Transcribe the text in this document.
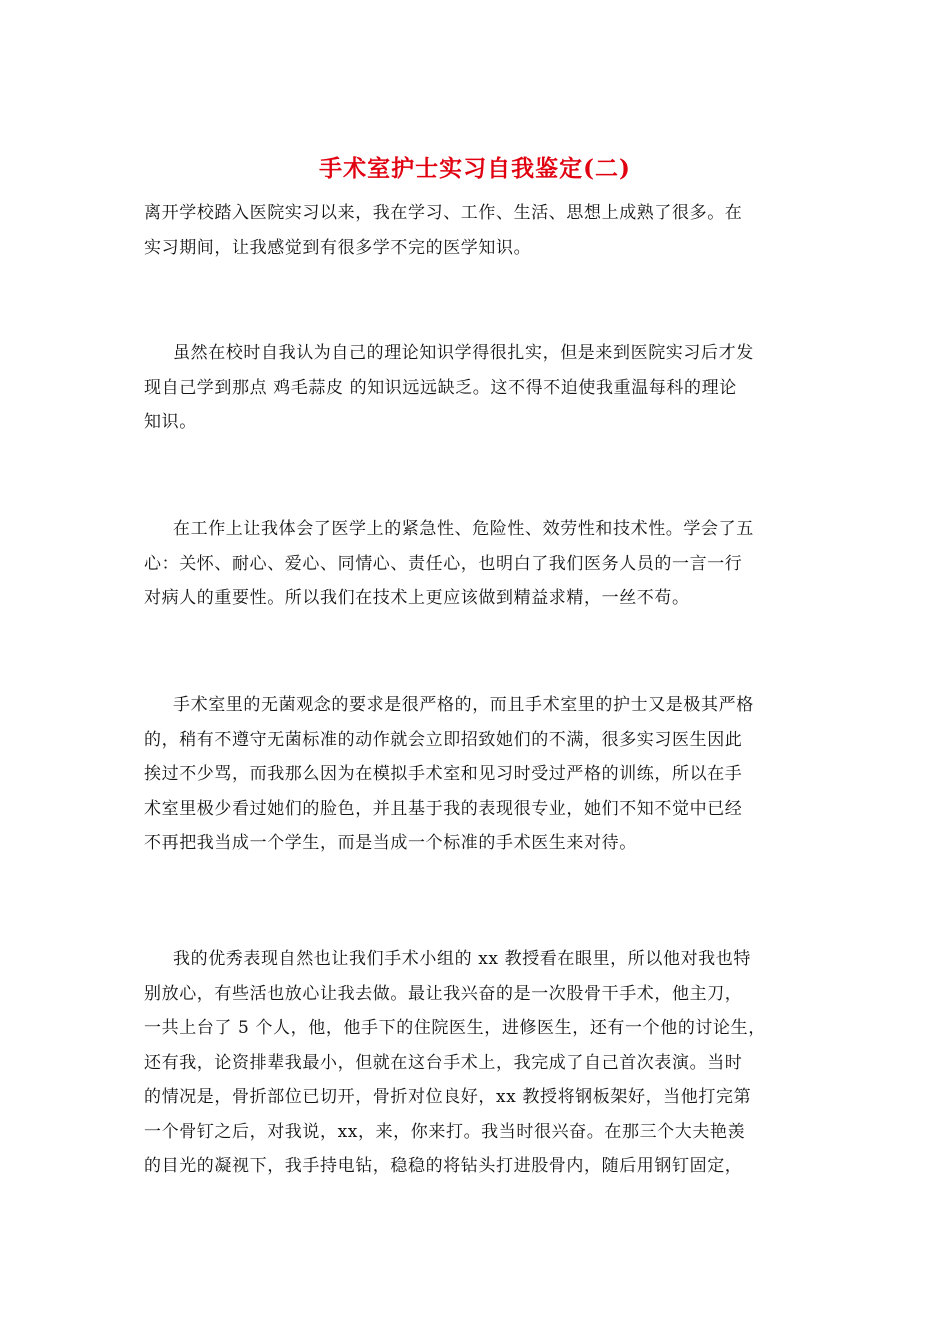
手术室护士实习自我鉴定(二)
离开学校踏入医院实习以来，我在学习、工作、生活、思想上成熟了很多。在
实习期间，让我感觉到有很多学不完的医学知识。
虽然在校时自我认为自己的理论知识学得很扎实，但是来到医院实习后才发
现自己学到那点 鸡毛蒜皮 的知识远远缺乏。这不得不迫使我重温每科的理论
知识。
在工作上让我体会了医学上的紧急性、危险性、效劳性和技术性。学会了五
心：关怀、耐心、爱心、同情心、责任心，也明白了我们医务人员的一言一行
对病人的重要性。所以我们在技术上更应该做到精益求精，一丝不苟。
手术室里的无菌观念的要求是很严格的，而且手术室里的护士又是极其严格
的，稍有不遵守无菌标准的动作就会立即招致她们的不满，很多实习医生因此
挨过不少骂，而我那么因为在模拟手术室和见习时受过严格的训练，所以在手
术室里极少看过她们的脸色，并且基于我的表现很专业，她们不知不觉中已经
不再把我当成一个学生，而是当成一个标准的手术医生来对待。
我的优秀表现自然也让我们手术小组的 xx 教授看在眼里，所以他对我也特
别放心，有些活也放心让我去做。最让我兴奋的是一次股骨干手术，他主刀，
一共上台了 5 个人，他，他手下的住院医生，进修医生，还有一个他的讨论生，
还有我，论资排辈我最小，但就在这台手术上，我完成了自己首次表演。当时
的情况是，骨折部位已切开，骨折对位良好，xx 教授将钢板架好，当他打完第
一个骨钉之后，对我说，xx，来，你来打。我当时很兴奋。在那三个大夫艳羡
的目光的凝视下，我手持电钻，稳稳的将钻头打进股骨内，随后用钢钉固定，
